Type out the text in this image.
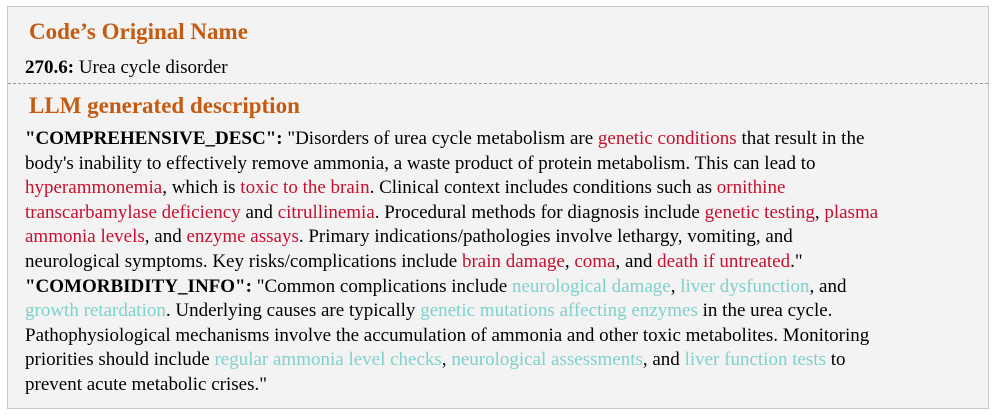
Code’s Original Name
270.6: Urea cycle disorder
LLM generated description
"COMPREHENSIVE_DESC": "Disorders of urea cycle metabolism are genetic conditions that result in the
body's inability to effectively remove ammonia, a waste product of protein metabolism. This can lead to
hyperammonemia, which is toxic to the brain. Clinical context includes conditions such as ornithine
transcarbamylase deficiency and citrullinemia. Procedural methods for diagnosis include genetic testing, plasma
ammonia levels, and enzyme assays. Primary indications/pathologies involve lethargy, vomiting, and
neurological symptoms. Key risks/complications include brain damage, coma, and death if untreated."
"COMORBIDITY_INFO": "Common complications include neurological damage, liver dysfunction, and
growth retardation. Underlying causes are typically genetic mutations affecting enzymes in the urea cycle.
Pathophysiological mechanisms involve the accumulation of ammonia and other toxic metabolites. Monitoring
priorities should include regular ammonia level checks, neurological assessments, and liver function tests to
prevent acute metabolic crises."
